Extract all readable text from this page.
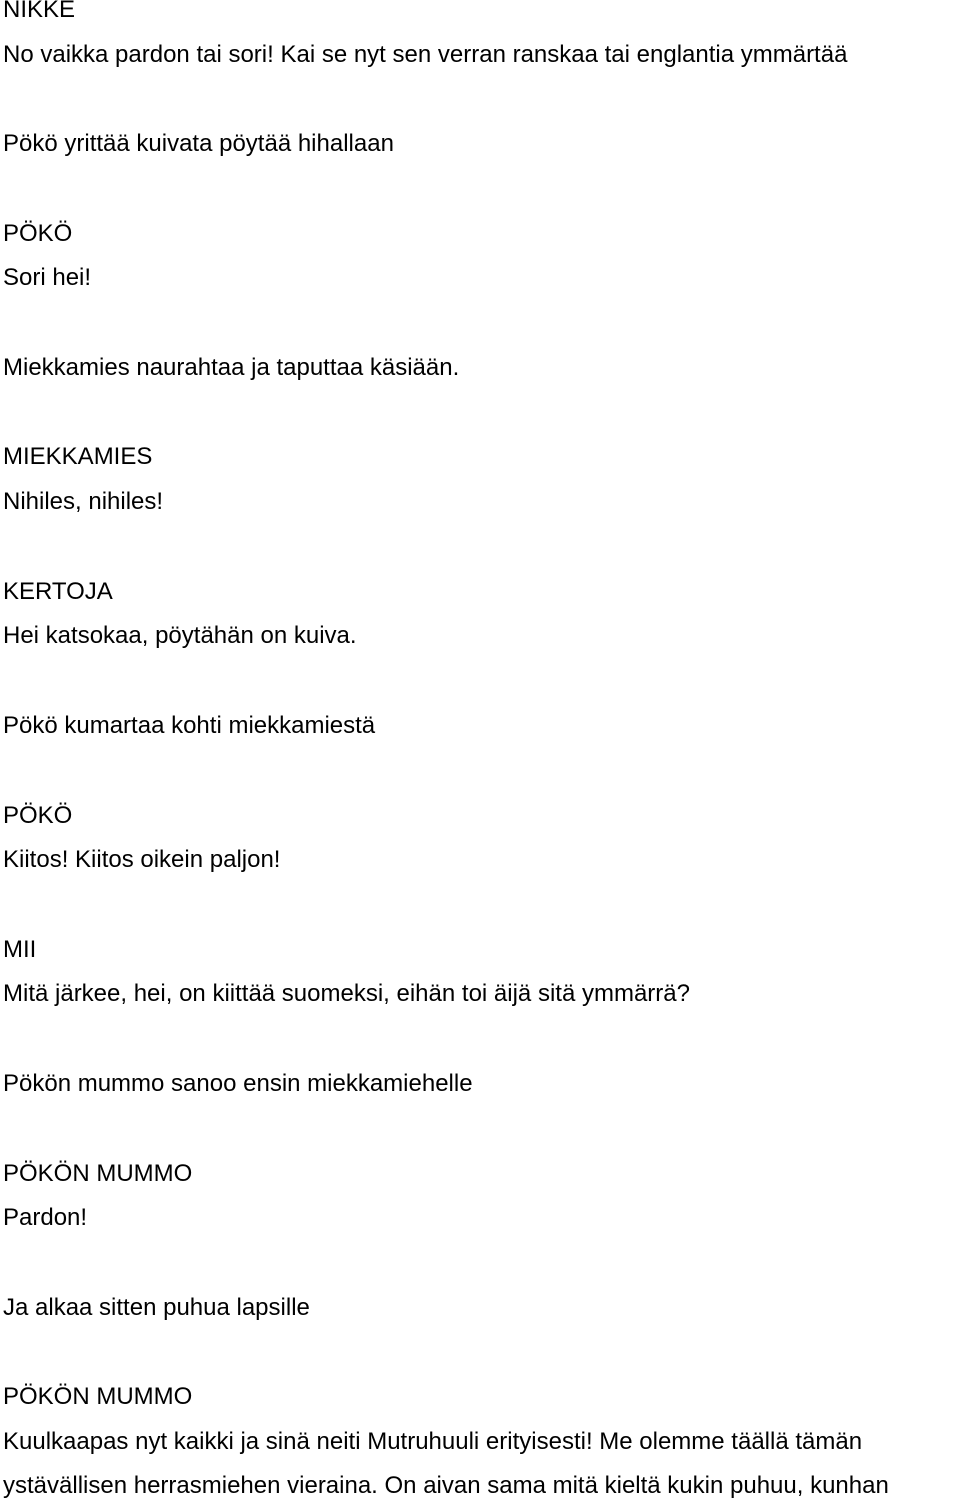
NIKKE

No vaikka pardon tai sori! Kai se nyt sen verran ranskaa tai englantia ymmärtää

Pökö yrittää kuivata pöytää hihallaan

PÖKÖ

Sori hei!

Miekkamies naurahtaa ja taputtaa käsiään.

MIEKKAMIES

Nihiles, nihiles!

KERTOJA

Hei katsokaa, pöytähän on kuiva.

Pökö kumartaa kohti miekkamiestä

PÖKÖ

Kiitos! Kiitos oikein paljon!

MII

Mitä järkee, hei, on kiittää suomeksi, eihän toi äijä sitä ymmärrä?

Pökön mummo sanoo ensin miekkamiehelle

PÖKÖN MUMMO

Pardon!

Ja alkaa sitten puhua lapsille

PÖKÖN MUMMO

Kuulkaapas nyt kaikki ja sinä neiti Mutruhuuli erityisesti! Me olemme täällä tämän

ystävällisen herrasmiehen vieraina. On aivan sama mitä kieltä kukin puhuu, kunhan
